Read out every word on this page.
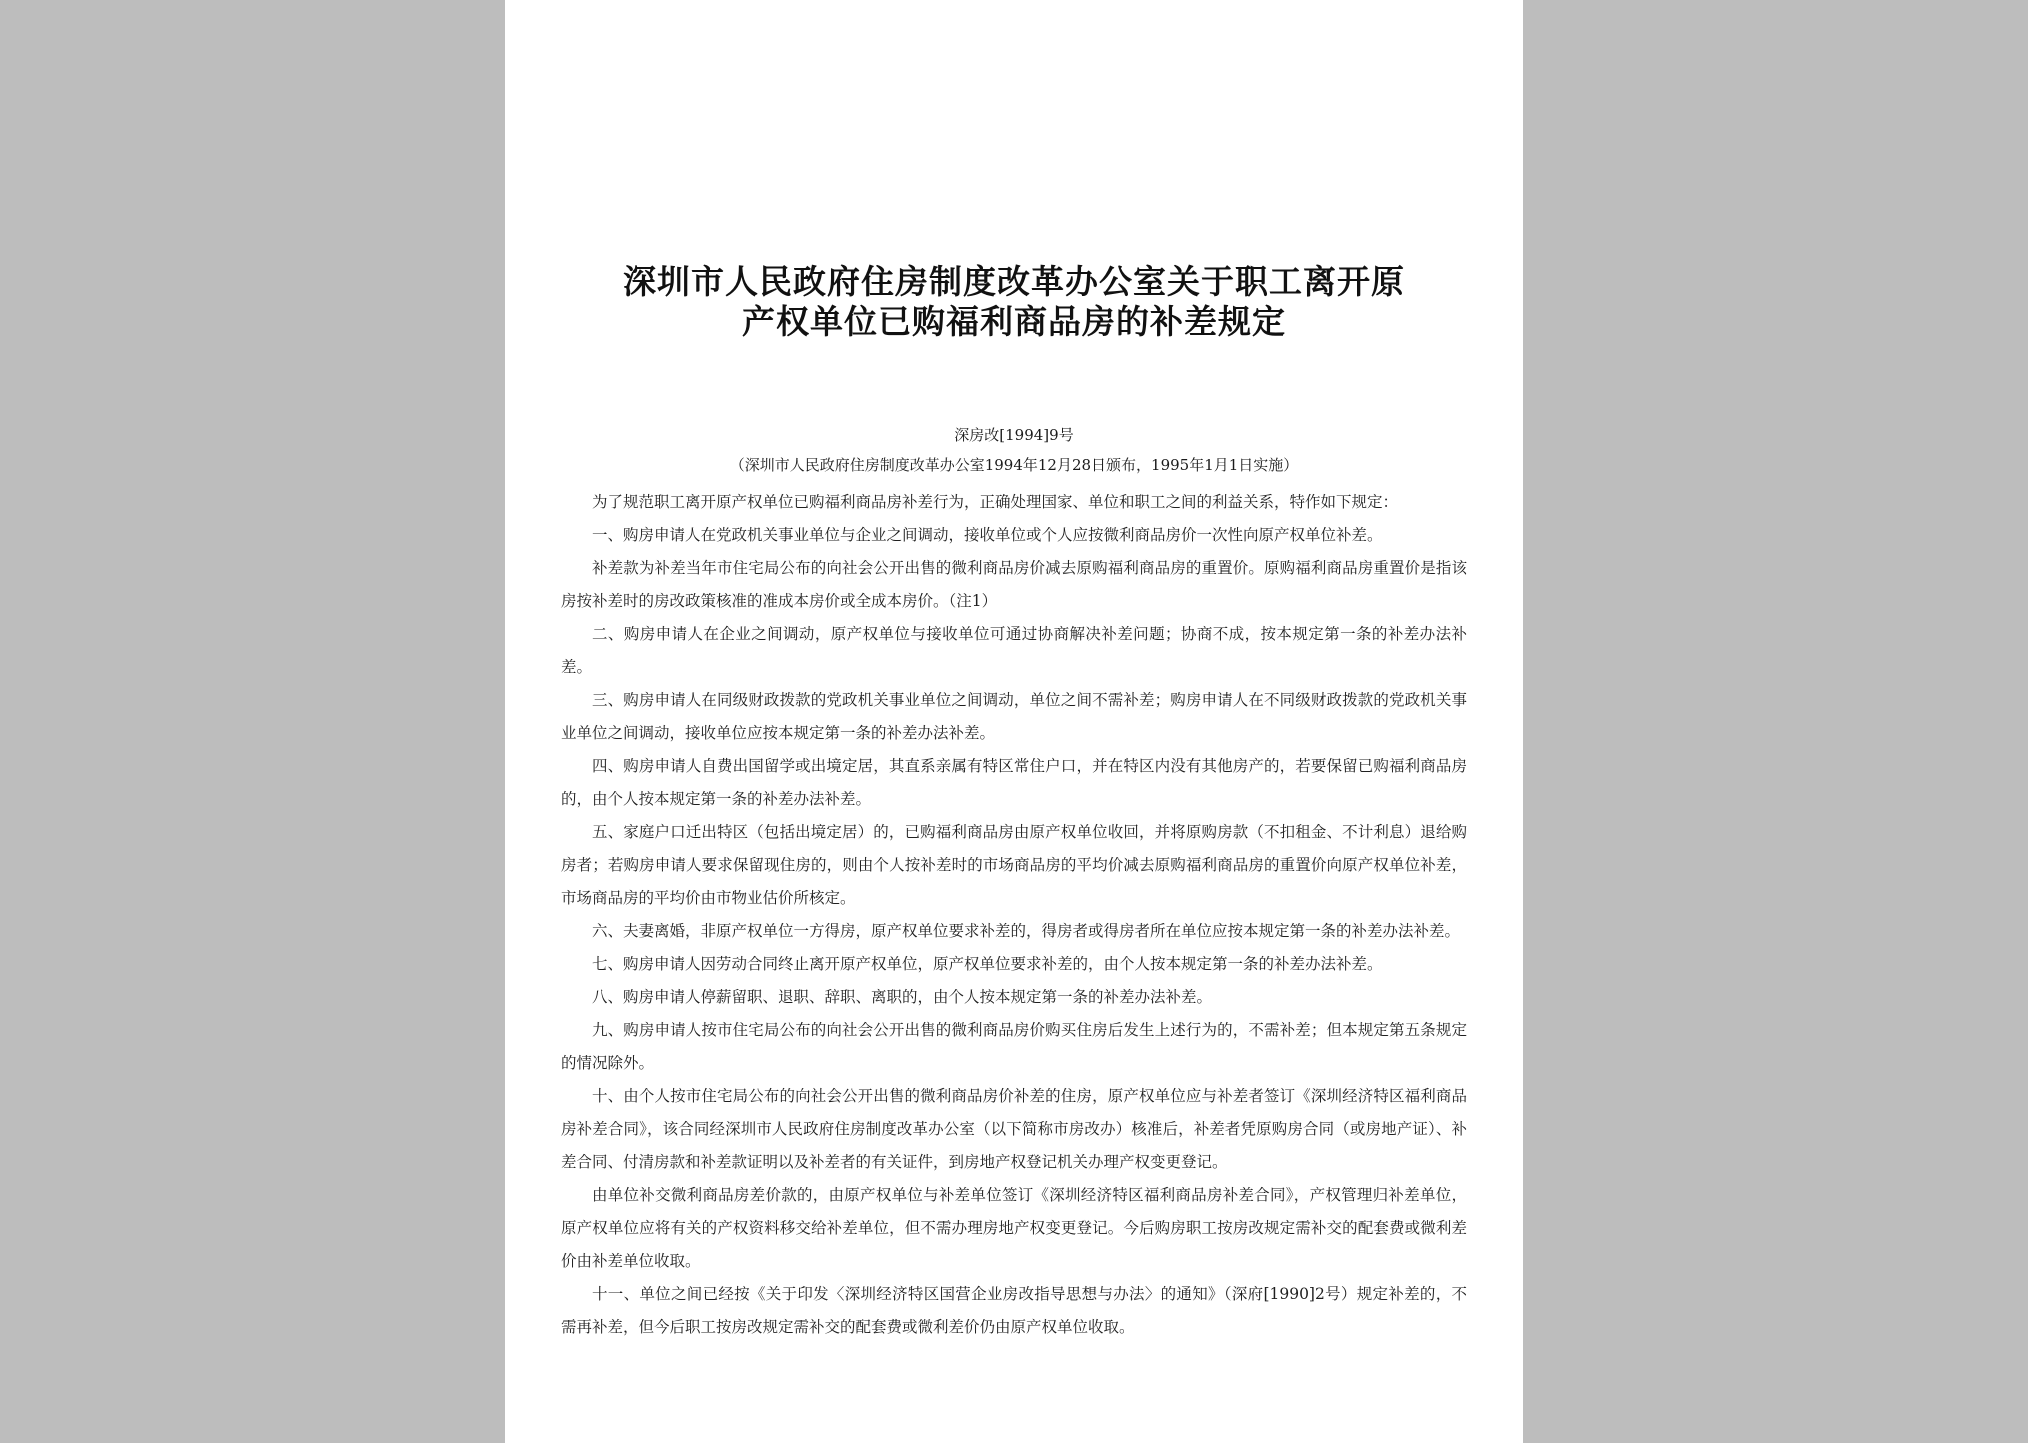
深圳市人民政府住房制度改革办公室关于职工离开原
产权单位已购福利商品房的补差规定
深房改[1994]9号
（深圳市人民政府住房制度改革办公室1994年12月28日颁布，1995年1月1日实施）

为了规范职工离开原产权单位已购福利商品房补差行为，正确处理国家、单位和职工之间的利益关系，特作如下规定：

一、购房申请人在党政机关事业单位与企业之间调动，接收单位或个人应按微利商品房价一次性向原产权单位补差。

补差款为补差当年市住宅局公布的向社会公开出售的微利商品房价减去原购福利商品房的重置价。原购福利商品房重置价是指该房按补差时的房改政策核准的准成本房价或全成本房价。（注1）

二、购房申请人在企业之间调动，原产权单位与接收单位可通过协商解决补差问题；协商不成，按本规定第一条的补差办法补差。

三、购房申请人在同级财政拨款的党政机关事业单位之间调动，单位之间不需补差；购房申请人在不同级财政拨款的党政机关事业单位之间调动，接收单位应按本规定第一条的补差办法补差。

四、购房申请人自费出国留学或出境定居，其直系亲属有特区常住户口，并在特区内没有其他房产的，若要保留已购福利商品房的，由个人按本规定第一条的补差办法补差。

五、家庭户口迁出特区（包括出境定居）的，已购福利商品房由原产权单位收回，并将原购房款（不扣租金、不计利息）退给购房者；若购房申请人要求保留现住房的，则由个人按补差时的市场商品房的平均价减去原购福利商品房的重置价向原产权单位补差，市场商品房的平均价由市物业估价所核定。

六、夫妻离婚，非原产权单位一方得房，原产权单位要求补差的，得房者或得房者所在单位应按本规定第一条的补差办法补差。

七、购房申请人因劳动合同终止离开原产权单位，原产权单位要求补差的，由个人按本规定第一条的补差办法补差。

八、购房申请人停薪留职、退职、辞职、离职的，由个人按本规定第一条的补差办法补差。

九、购房申请人按市住宅局公布的向社会公开出售的微利商品房价购买住房后发生上述行为的，不需补差；但本规定第五条规定的情况除外。

十、由个人按市住宅局公布的向社会公开出售的微利商品房价补差的住房，原产权单位应与补差者签订《深圳经济特区福利商品房补差合同》，该合同经深圳市人民政府住房制度改革办公室（以下简称市房改办）核准后，补差者凭原购房合同（或房地产证）、补差合同、付清房款和补差款证明以及补差者的有关证件，到房地产权登记机关办理产权变更登记。

由单位补交微利商品房差价款的，由原产权单位与补差单位签订《深圳经济特区福利商品房补差合同》，产权管理归补差单位，原产权单位应将有关的产权资料移交给补差单位，但不需办理房地产权变更登记。今后购房职工按房改规定需补交的配套费或微利差价由补差单位收取。

十一、单位之间已经按《关于印发〈深圳经济特区国营企业房改指导思想与办法〉的通知》（深府[1990]2号）规定补差的，不需再补差，但今后职工按房改规定需补交的配套费或微利差价仍由原产权单位收取。
